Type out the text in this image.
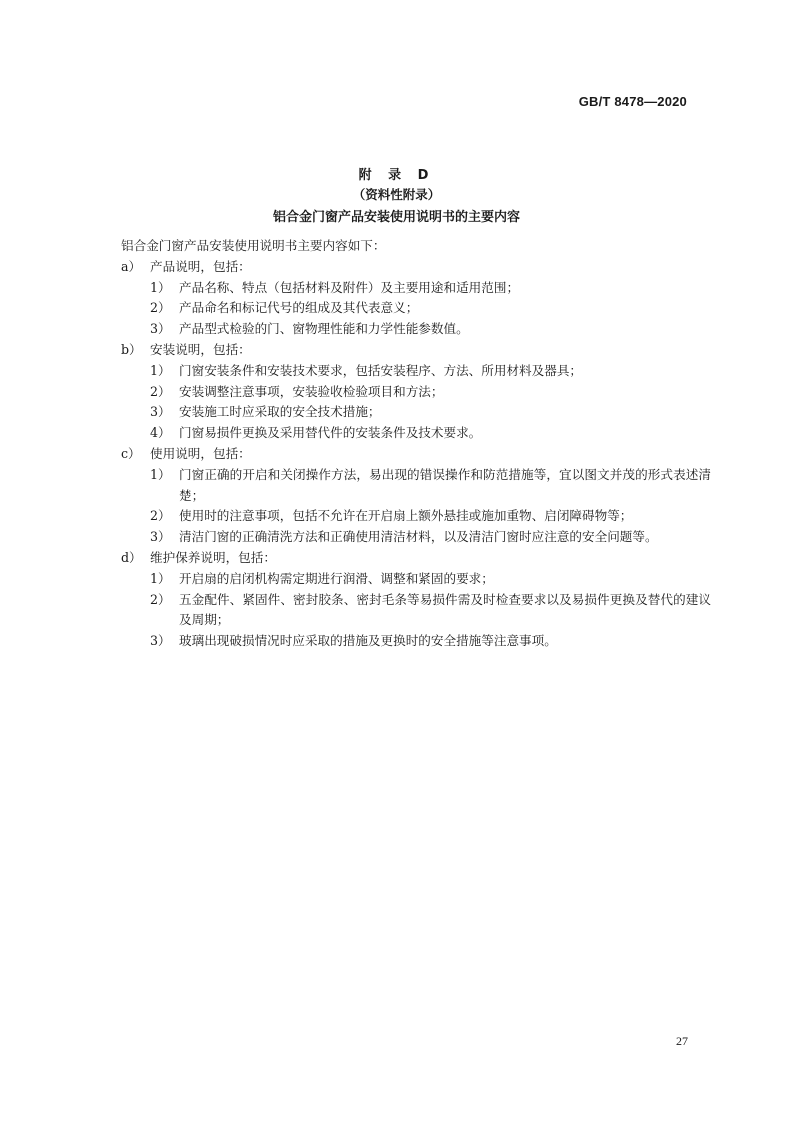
GB/T 8478—2020
附 录 D
（资料性附录）
铝合金门窗产品安装使用说明书的主要内容
铝合金门窗产品安装使用说明书主要内容如下：
a） 产品说明，包括：
1） 产品名称、特点（包括材料及附件）及主要用途和适用范围；
2） 产品命名和标记代号的组成及其代表意义；
3） 产品型式检验的门、窗物理性能和力学性能参数值。
b） 安装说明，包括：
1） 门窗安装条件和安装技术要求，包括安装程序、方法、所用材料及器具；
2） 安装调整注意事项，安装验收检验项目和方法；
3） 安装施工时应采取的安全技术措施；
4） 门窗易损件更换及采用替代件的安装条件及技术要求。
c） 使用说明，包括：
1） 门窗正确的开启和关闭操作方法，易出现的错误操作和防范措施等，宜以图文并茂的形式表述清楚；
2） 使用时的注意事项，包括不允许在开启扇上额外悬挂或施加重物、启闭障碍物等；
3） 清洁门窗的正确清洗方法和正确使用清洁材料，以及清洁门窗时应注意的安全问题等。
d） 维护保养说明，包括：
1） 开启扇的启闭机构需定期进行润滑、调整和紧固的要求；
2） 五金配件、紧固件、密封胶条、密封毛条等易损件需及时检查要求以及易损件更换及替代的建议及周期；
3） 玻璃出现破损情况时应采取的措施及更换时的安全措施等注意事项。
27
